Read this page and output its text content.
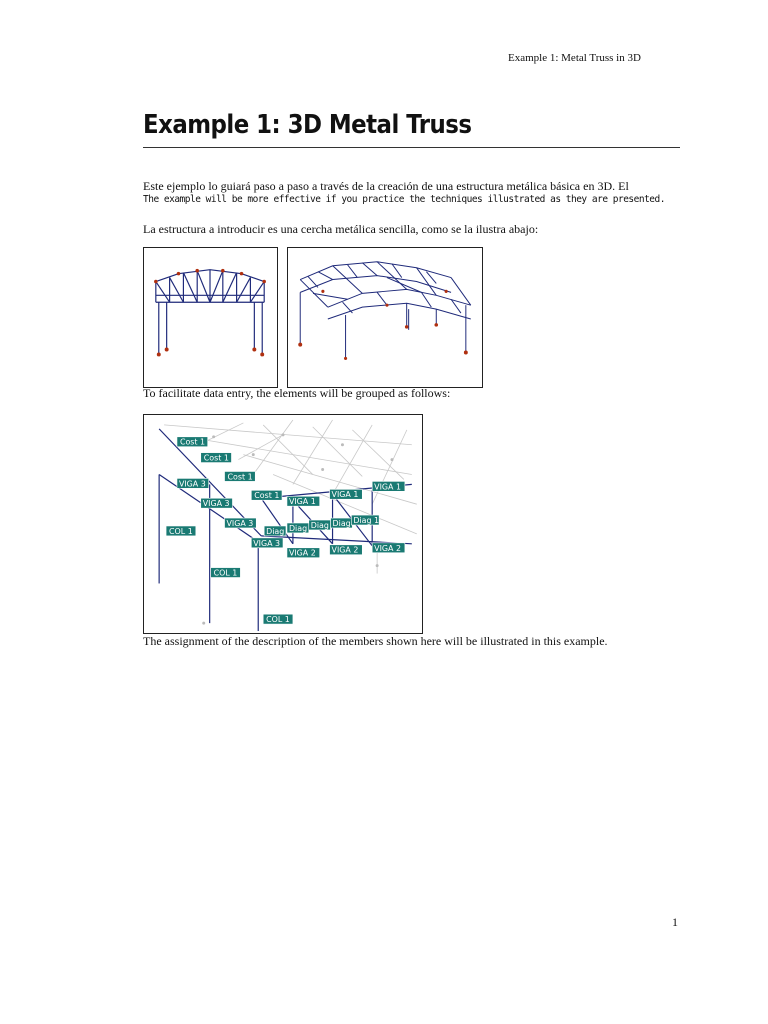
Example 1: Metal Truss in 3D
Example 1: 3D Metal Truss

Este ejemplo lo guiará paso a paso a través de la creación de una estructura metálica básica en 3D. El

The example will be more effective if you practice the techniques illustrated as they are presented.

La estructura a introducir es una cercha metálica sencilla, como se la ilustra abajo:

To facilitate data entry, the elements will be grouped as follows:

Cost 1
Cost 1
Cost 1
Cost 1
VIGA 3
VIGA 3
VIGA 3
VIGA 3
VIGA 1
VIGA 1
VIGA 1
Diag Diag Diag Diag Diag 1
VIGA 2 VIGA 2 VIGA 2
COL 1
COL 1
COL 1

The assignment of the description of the members shown here will be illustrated in this example.

1
